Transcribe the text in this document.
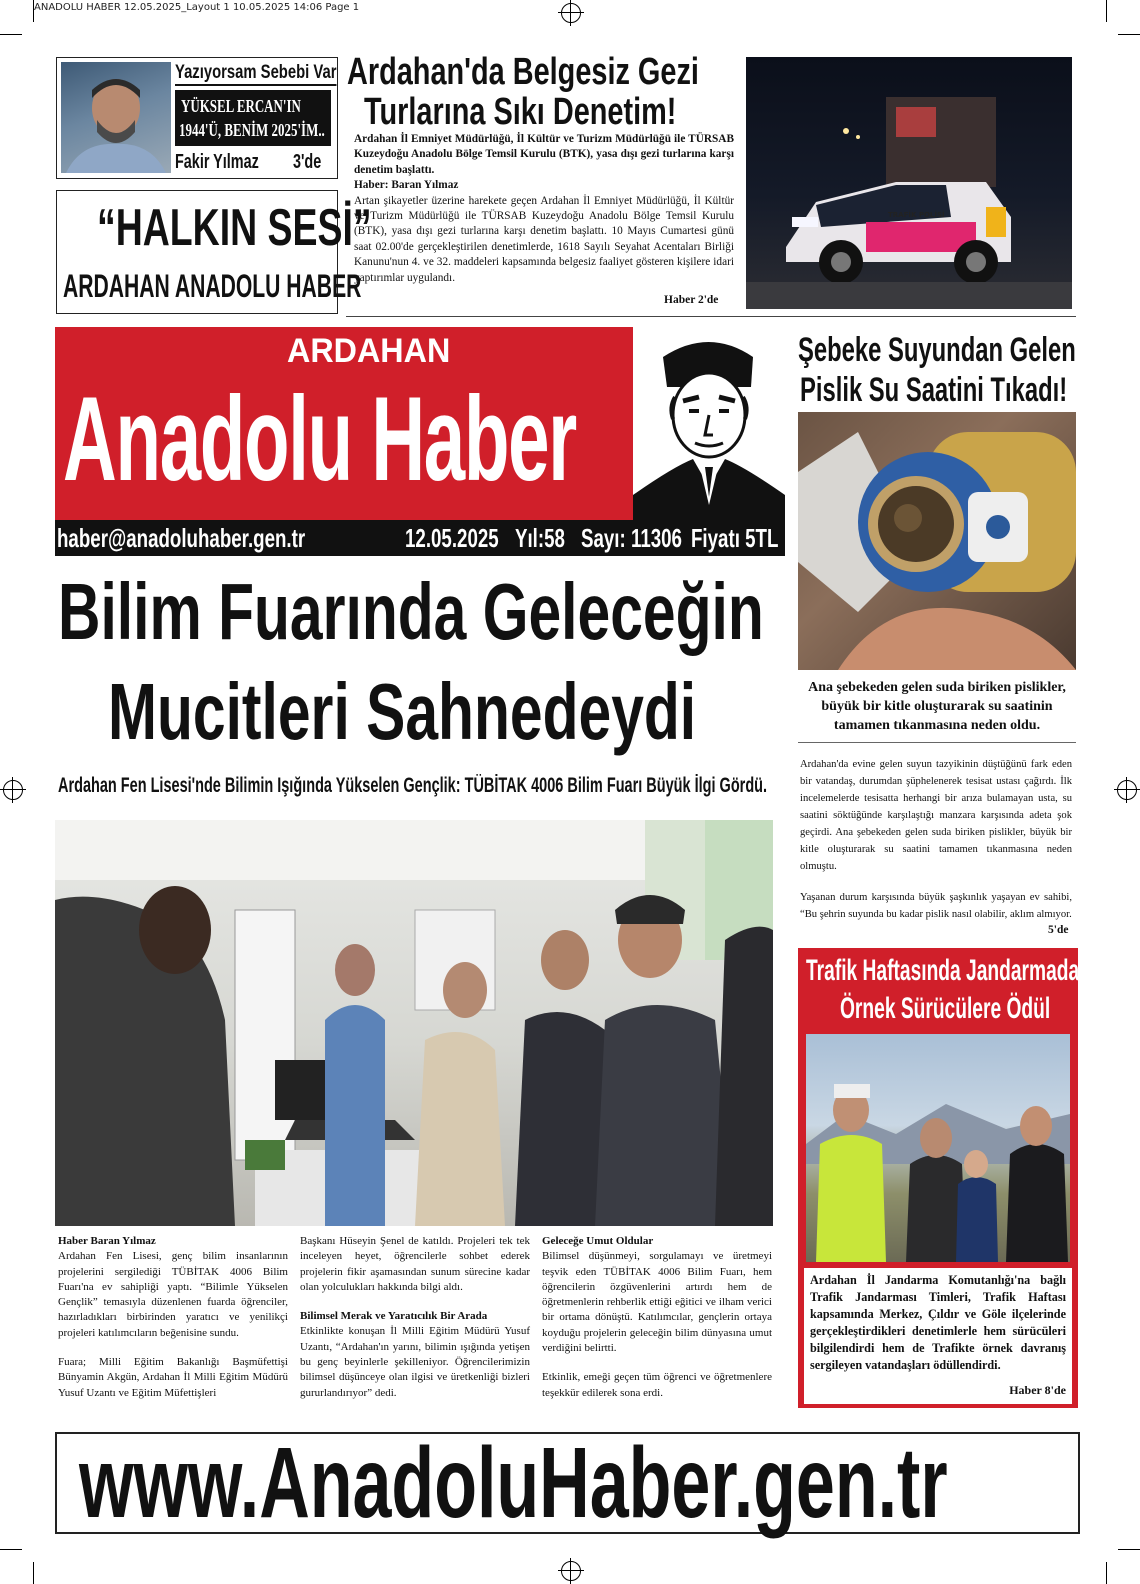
ANADOLU HABER 12.05.2025_Layout 1 10.05.2025 14:06 Page 1
Yazıyorsam Sebebi Var
YÜKSEL ERCAN'IN
1944'Ü, BENİM 2025'İM..
Fakir Yılmaz 3'de
“HALKIN SESİ”
ARDAHAN ANADOLU HABER
Ardahan'da Belgesiz Gezi
Turlarına Sıkı Denetim!

Ardahan İl Emniyet Müdürlüğü, İl Kültür ve Turizm Müdürlüğü ile TÜRSAB Kuzeydoğu Anadolu Bölge Temsil Kurulu (BTK), yasa dışı gezi turlarına karşı denetim başlattı.

Haber: Baran Yılmaz

Artan şikayetler üzerine harekete geçen Ardahan İl Emniyet Müdürlüğü, İl Kültür ve Turizm Müdürlüğü ile TÜRSAB Kuzeydoğu Anadolu Bölge Temsil Kurulu (BTK), yasa dışı gezi turlarına karşı denetim başlattı. 10 Mayıs Cumartesi günü saat 02.00'de gerçekleştirilen denetimlerde, 1618 Sayılı Seyahat Acentaları Birliği Kanunu'nun 4. ve 32. maddeleri kapsamında belgesiz faaliyet gösteren kişilere idari yaptırımlar uygulandı.

Haber 2'de
TRAFİK POLİSİ
ARDAHAN
Anadolu Haber
haber@anadoluhaber.gen.tr	12.05.2025 Yıl:58 Sayı: 11306 Fiyatı 5TL
Bilim Fuarında Geleceğin
Mucitleri Sahnedeydi
Ardahan Fen Lisesi'nde Bilimin Işığında Yükselen Gençlik: TÜBİTAK 4006 Bilim Fuarı Büyük İlgi Gördü.

Haber Baran Yılmaz

Ardahan Fen Lisesi, genç bilim insanlarının projelerini sergilediği TÜBİTAK 4006 Bilim Fuarı'na ev sahipliği yaptı. “Bilimle Yükselen Gençlik” temasıyla düzenlenen fuarda öğrenciler, hazırladıkları birbirinden yaratıcı ve yenilikçi projeleri katılımcıların beğenisine sundu.

Fuara; Milli Eğitim Bakanlığı Başmüfettişi Bünyamin Akgün, Ardahan İl Milli Eğitim Müdürü Yusuf Uzantı ve Eğitim Müfettişleri

Başkanı Hüseyin Şenel de katıldı. Projeleri tek tek inceleyen heyet, öğrencilerle sohbet ederek projelerin fikir aşamasından sunum sürecine kadar olan yolculukları hakkında bilgi aldı.

Bilimsel Merak ve Yaratıcılık Bir Arada

Etkinlikte konuşan İl Milli Eğitim Müdürü Yusuf Uzantı, “Ardahan'ın yarını, bilimin ışığında yetişen bu genç beyinlerle şekilleniyor. Öğrencilerimizin bilimsel düşünceye olan ilgisi ve üretkenliği bizleri gururlandırıyor” dedi.

Geleceğe Umut Oldular

Bilimsel düşünmeyi, sorgulamayı ve üretmeyi teşvik eden TÜBİTAK 4006 Bilim Fuarı, hem öğrencilerin özgüvenlerini artırdı hem de öğretmenlerin rehberlik ettiği eğitici ve ilham verici bir ortama dönüştü. Katılımcılar, gençlerin ortaya koyduğu projelerin geleceğin bilim dünyasına umut verdiğini belirtti.

Etkinlik, emeği geçen tüm öğrenci ve öğretmenlere teşekkür edilerek sona erdi.

Şebeke Suyundan Gelen
Pislik Su Saatini Tıkadı!
Ana şebekeden gelen suda biriken pislikler, büyük bir kitle oluşturarak su saatinin tamamen tıkanmasına neden oldu.

Ardahan'da evine gelen suyun tazyikinin düştüğünü fark eden bir vatandaş, durumdan şüphelenerek tesisat ustası çağırdı. İlk incelemelerde tesisatta herhangi bir arıza bulamayan usta, su saatini söktüğünde karşılaştığı manzara karşısında adeta şok geçirdi. Ana şebekeden gelen suda biriken pislikler, büyük bir kitle oluşturarak su saatini tamamen tıkanmasına neden olmuştu.

Yaşanan durum karşısında büyük şaşkınlık yaşayan ev sahibi, “Bu şehrin suyunda bu kadar pislik nasıl olabilir, aklım almıyor.

5'de
Trafik Haftasında Jandarmadan
Örnek Sürücülere Ödül

Ardahan İl Jandarma Komutanlığı'na bağlı Trafik Jandarması Timleri, Trafik Haftası kapsamında Merkez, Çıldır ve Göle ilçelerinde gerçekleştirdikleri denetimlerle hem sürücüleri bilgilendirdi hem de Trafikte örnek davranış sergileyen vatandaşları ödüllendirdi.

Haber 8'de
www.AnadoluHaber.gen.tr
